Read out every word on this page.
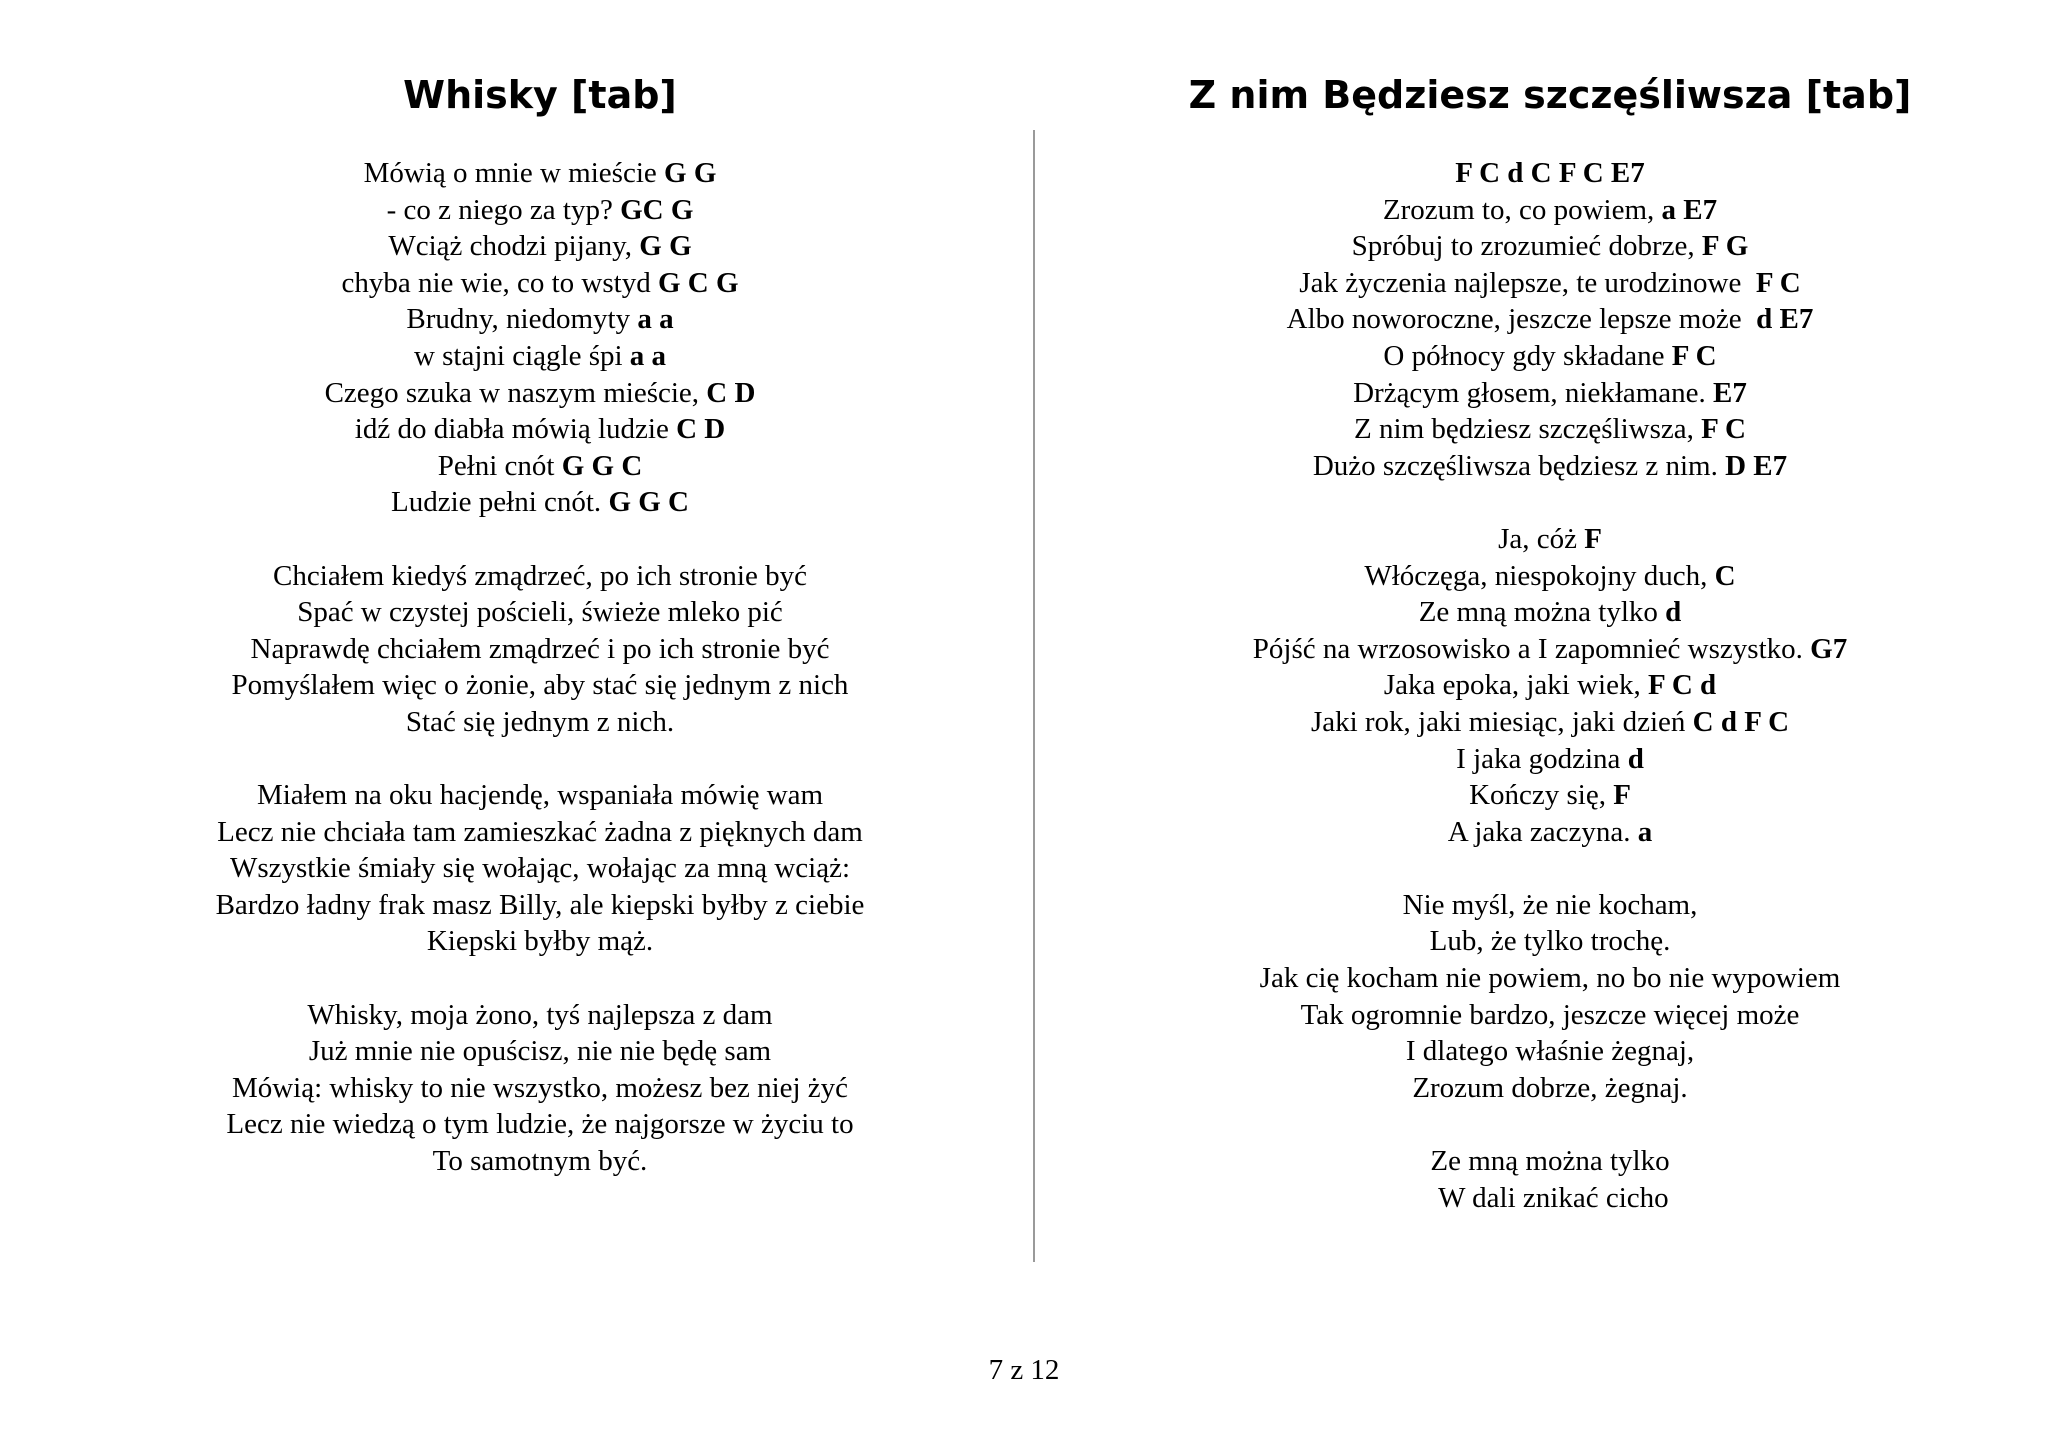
Whisky [tab]
Mówią o mnie w mieście G G
- co z niego za typ? GC G
Wciąż chodzi pijany, G G
chyba nie wie, co to wstyd G C G
Brudny, niedomyty a a
w stajni ciągle śpi a a
Czego szuka w naszym mieście, C D
idź do diabła mówią ludzie C D
Pełni cnót G G C
Ludzie pełni cnót. G G C
Chciałem kiedyś zmądrzeć, po ich stronie być
Spać w czystej pościeli, świeże mleko pić
Naprawdę chciałem zmądrzeć i po ich stronie być
Pomyślałem więc o żonie, aby stać się jednym z nich
Stać się jednym z nich.
Miałem na oku hacjendę, wspaniała mówię wam
Lecz nie chciała tam zamieszkać żadna z pięknych dam
Wszystkie śmiały się wołając, wołając za mną wciąż:
Bardzo ładny frak masz Billy, ale kiepski byłby z ciebie
Kiepski byłby mąż.
Whisky, moja żono, tyś najlepsza z dam
Już mnie nie opuścisz, nie nie będę sam
Mówią: whisky to nie wszystko, możesz bez niej żyć
Lecz nie wiedzą o tym ludzie, że najgorsze w życiu to
To samotnym być.
Z nim Będziesz szczęśliwsza [tab]
F C d C F C E7
Zrozum to, co powiem, a E7
Spróbuj to zrozumieć dobrze, F G
Jak życzenia najlepsze, te urodzinowe  F C
Albo noworoczne, jeszcze lepsze może  d E7
O północy gdy składane F C
Drżącym głosem, niekłamane. E7
Z nim będziesz szczęśliwsza, F C
Dużo szczęśliwsza będziesz z nim. D E7
Ja, cóż F
Włóczęga, niespokojny duch, C
Ze mną można tylko d
Pójść na wrzosowisko a I zapomnieć wszystko. G7
Jaka epoka, jaki wiek, F C d
Jaki rok, jaki miesiąc, jaki dzień C d F C
I jaka godzina d
Kończy się, F
A jaka zaczyna. a
Nie myśl, że nie kocham,
Lub, że tylko trochę.
Jak cię kocham nie powiem, no bo nie wypowiem
Tak ogromnie bardzo, jeszcze więcej może
I dlatego właśnie żegnaj,
Zrozum dobrze, żegnaj.
Ze mną można tylko
W dali znikać cicho
7 z 12
